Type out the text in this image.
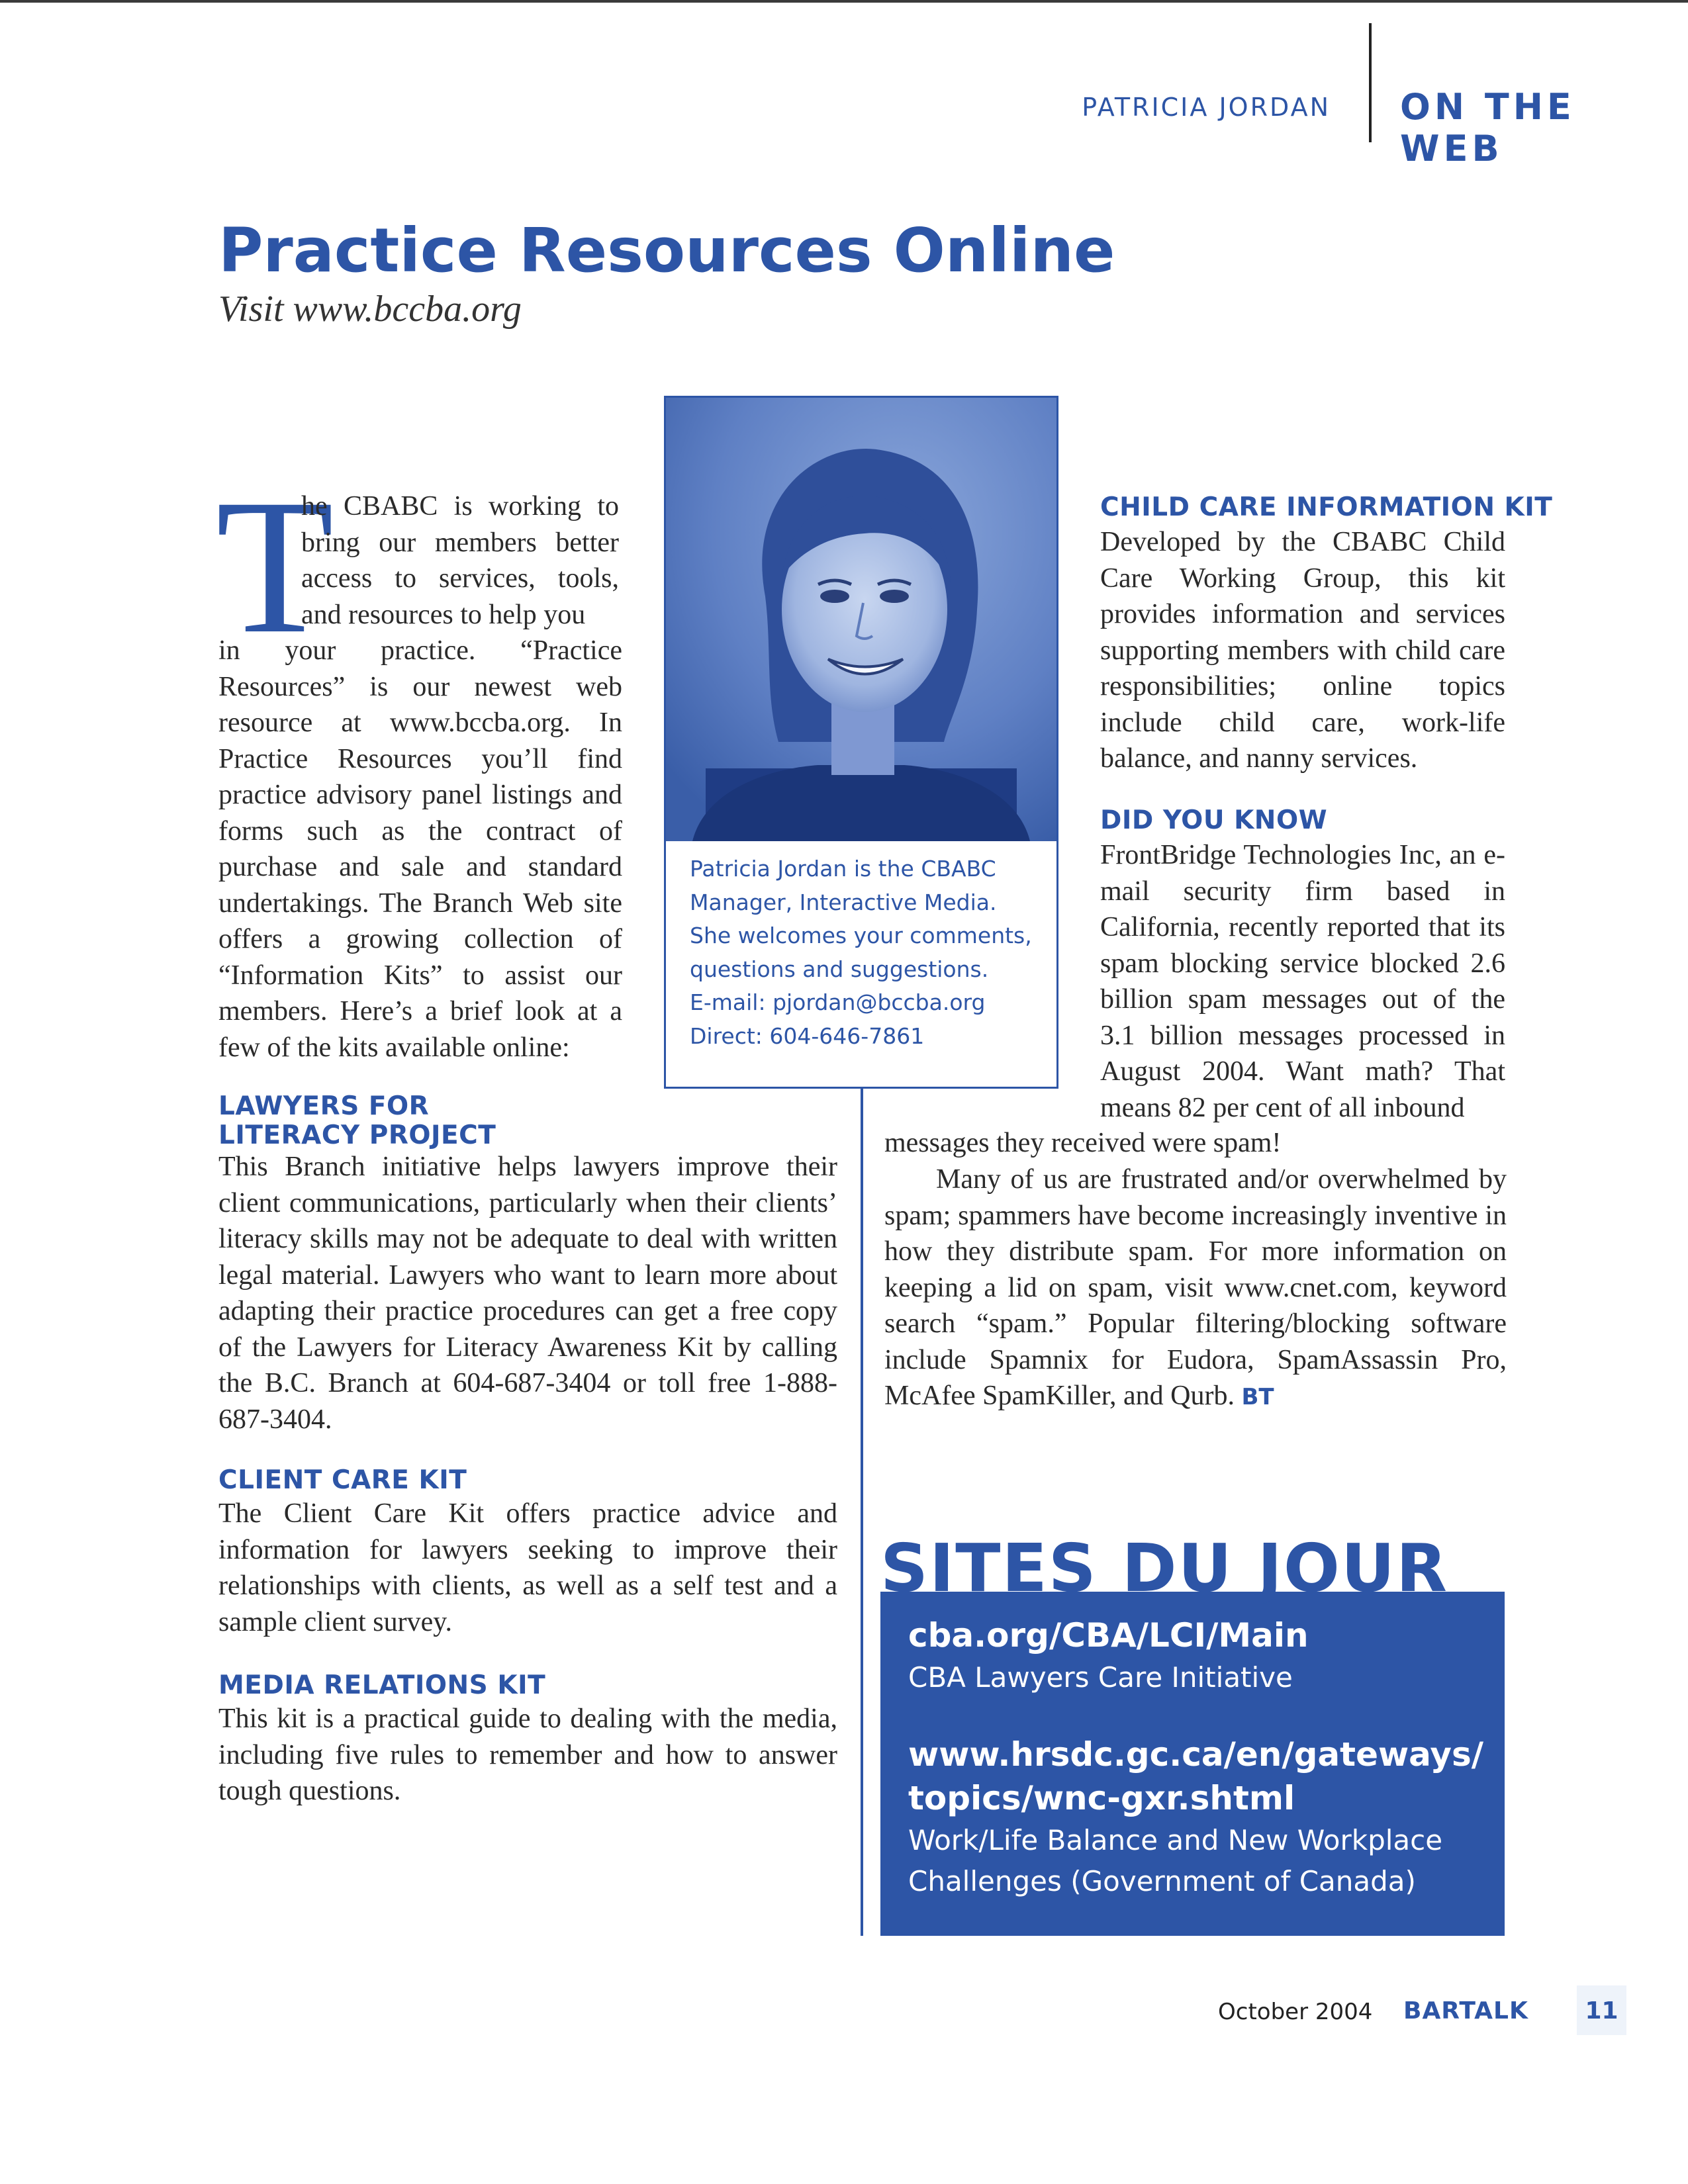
PATRICIA JORDAN ON THE WEB
Practice Resources Online
Visit www.bccba.org
T
he CBABC is working to bring our members better access to services, tools, and resources to help you
in your practice. “Practice Resources” is our newest web resource at www.bccba.org. In Practice Resources you’ll find practice advisory panel listings and forms such as the contract of purchase and sale and standard undertakings. The Branch Web site offers a growing collection of “Information Kits” to assist our members. Here’s a brief look at a few of the kits available online:
Patricia Jordan is the CBABC
Manager, Interactive Media.
She welcomes your comments,
questions and suggestions.
E-mail: pjordan@bccba.org
Direct: 604-646-7861
LAWYERS FOR LITERACY PROJECT
This Branch initiative helps lawyers improve their client communications, particularly when their clients’ literacy skills may not be adequate to deal with written legal material. Lawyers who want to learn more about adapting their practice procedures can get a free copy of the Lawyers for Literacy Awareness Kit by calling the B.C. Branch at 604-687-3404 or toll free 1-888-687-3404.
CLIENT CARE KIT
The Client Care Kit offers practice advice and information for lawyers seeking to improve their relationships with clients, as well as a self test and a sample client survey.
MEDIA RELATIONS KIT
This kit is a practical guide to dealing with the media, including five rules to remember and how to answer tough questions.
CHILD CARE INFORMATION KIT
Developed by the CBABC Child Care Working Group, this kit provides information and services supporting members with child care responsibilities; online topics include child care, work-life balance, and nanny services.
DID YOU KNOW
FrontBridge Technologies Inc, an e-mail security firm based in California, recently reported that its spam blocking service blocked 2.6 billion spam messages out of the 3.1 billion messages processed in August 2004. Want math? That means 82 per cent of all inbound
messages they received were spam!
Many of us are frustrated and/or overwhelmed by spam; spammers have become increasingly inventive in how they distribute spam. For more information on keeping a lid on spam, visit www.cnet.com, keyword search “spam.” Popular filtering/blocking software include Spamnix for Eudora, SpamAssassin Pro, McAfee SpamKiller, and Qurb. BT
SITES DU JOUR
cba.org/CBA/LCI/Main
CBA Lawyers Care Initiative
www.hrsdc.gc.ca/en/gateways/
topics/wnc-gxr.shtml
Work/Life Balance and New Workplace
Challenges (Government of Canada)
October 2004 BARTALK	11
